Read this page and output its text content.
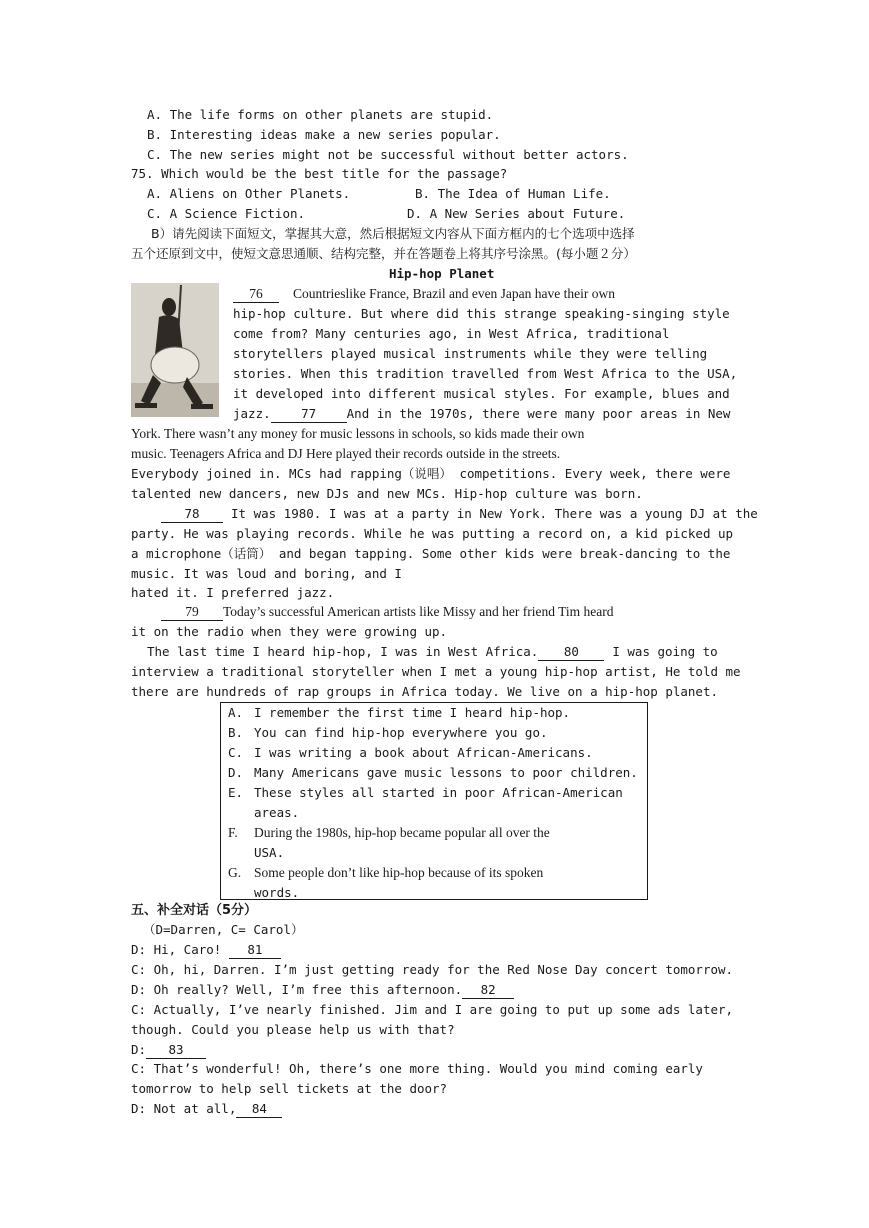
A. The life forms on other planets are stupid.
B. Interesting ideas make a new series popular.
C. The new series might not be successful without better actors.
75. Which would be the best title for the passage?
A. Aliens on Other Planets.	B. The Idea of Human Life.
C. A Science Fiction.	D. A New Series about Future.
B）请先阅读下面短文，掌握其大意，然后根据短文内容从下面方框内的七个选项中选择
五个还原到文中，使短文意思通顺、结构完整，并在答题卷上将其序号涂黑。(每小题２分）
Hip-hop Planet
76 Countrieslike France, Brazil and even Japan have their own
hip-hop culture. But where did this strange speaking-singing style
come from? Many centuries ago, in West Africa, traditional
storytellers played musical instruments while they were telling
stories. When this tradition travelled from West Africa to the USA,
it developed into different musical styles. For example, blues and
jazz. 77 And in the 1970s, there were many poor areas in New
York. There wasn’t any money for music lessons in schools, so kids made their own
music. Teenagers Africa and DJ Here played their records outside in the streets.
Everybody joined in. MCs had rapping（说唱） competitions. Every week, there were
talented new dancers, new DJs and new MCs. Hip-hop culture was born.
78	It was 1980. I was at a party in New York. There was a young DJ at the
party. He was playing records. While he was putting a record on, a kid picked up
a microphone（话筒） and began tapping. Some other kids were break-dancing to the
music. It was loud and boring, and I
hated it. I preferred jazz.
79 Today’s successful American artists like Missy and her friend Tim heard
it on the radio when they were growing up.
The last time I heard hip-hop, I was in West Africa. 80	I was going to
interview a traditional storyteller when I met a young hip-hop artist, He told me
there are hundreds of rap groups in Africa today. We live on a hip-hop planet.
A. I remember the first time I heard hip-hop.
B. You can find hip-hop everywhere you go.
C. I was writing a book about African-Americans.
D. Many Americans gave music lessons to poor children.
E. These styles all started in poor African-American
areas.
F. During the 1980s, hip-hop became popular all over the
USA.
G. Some people don’t like hip-hop because of its spoken
words.
五、补全对话（5分）
（D=Darren, C= Carol）
D: Hi, Caro! 81
C: Oh, hi, Darren. I’m just getting ready for the Red Nose Day concert tomorrow.
D: Oh really? Well, I’m free this afternoon. 82
C: Actually, I’ve nearly finished. Jim and I are going to put up some ads later,
though. Could you please help us with that?
D: 83
C: That’s wonderful! Oh, there’s one more thing. Would you mind coming early
tomorrow to help sell tickets at the door?
D: Not at all, 84
